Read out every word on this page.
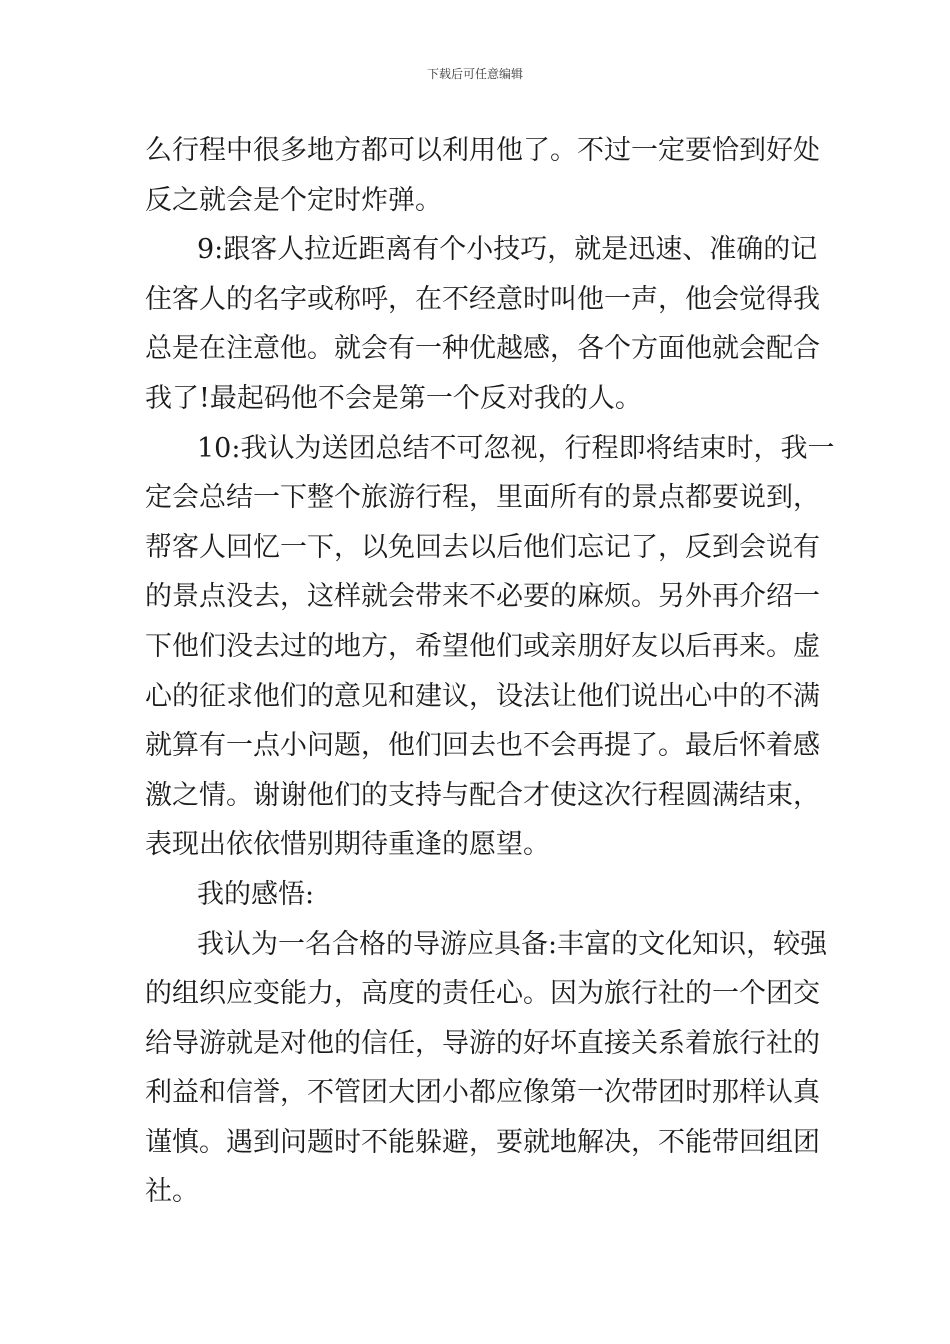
下载后可任意编辑
么行程中很多地方都可以利用他了。不过一定要恰到好处
反之就会是个定时炸弹。
9:跟客人拉近距离有个小技巧，就是迅速、准确的记
住客人的名字或称呼，在不经意时叫他一声，他会觉得我
总是在注意他。就会有一种优越感，各个方面他就会配合
我了!最起码他不会是第一个反对我的人。
10:我认为送团总结不可忽视，行程即将结束时，我一
定会总结一下整个旅游行程，里面所有的景点都要说到，
帮客人回忆一下，以免回去以后他们忘记了，反到会说有
的景点没去，这样就会带来不必要的麻烦。另外再介绍一
下他们没去过的地方，希望他们或亲朋好友以后再来。虚
心的征求他们的意见和建议，设法让他们说出心中的不满
就算有一点小问题，他们回去也不会再提了。最后怀着感
激之情。谢谢他们的支持与配合才使这次行程圆满结束，
表现出依依惜别期待重逢的愿望。
我的感悟:
我认为一名合格的导游应具备:丰富的文化知识，较强
的组织应变能力，高度的责任心。因为旅行社的一个团交
给导游就是对他的信任，导游的好坏直接关系着旅行社的
利益和信誉，不管团大团小都应像第一次带团时那样认真
谨慎。遇到问题时不能躲避，要就地解决，不能带回组团
社。
